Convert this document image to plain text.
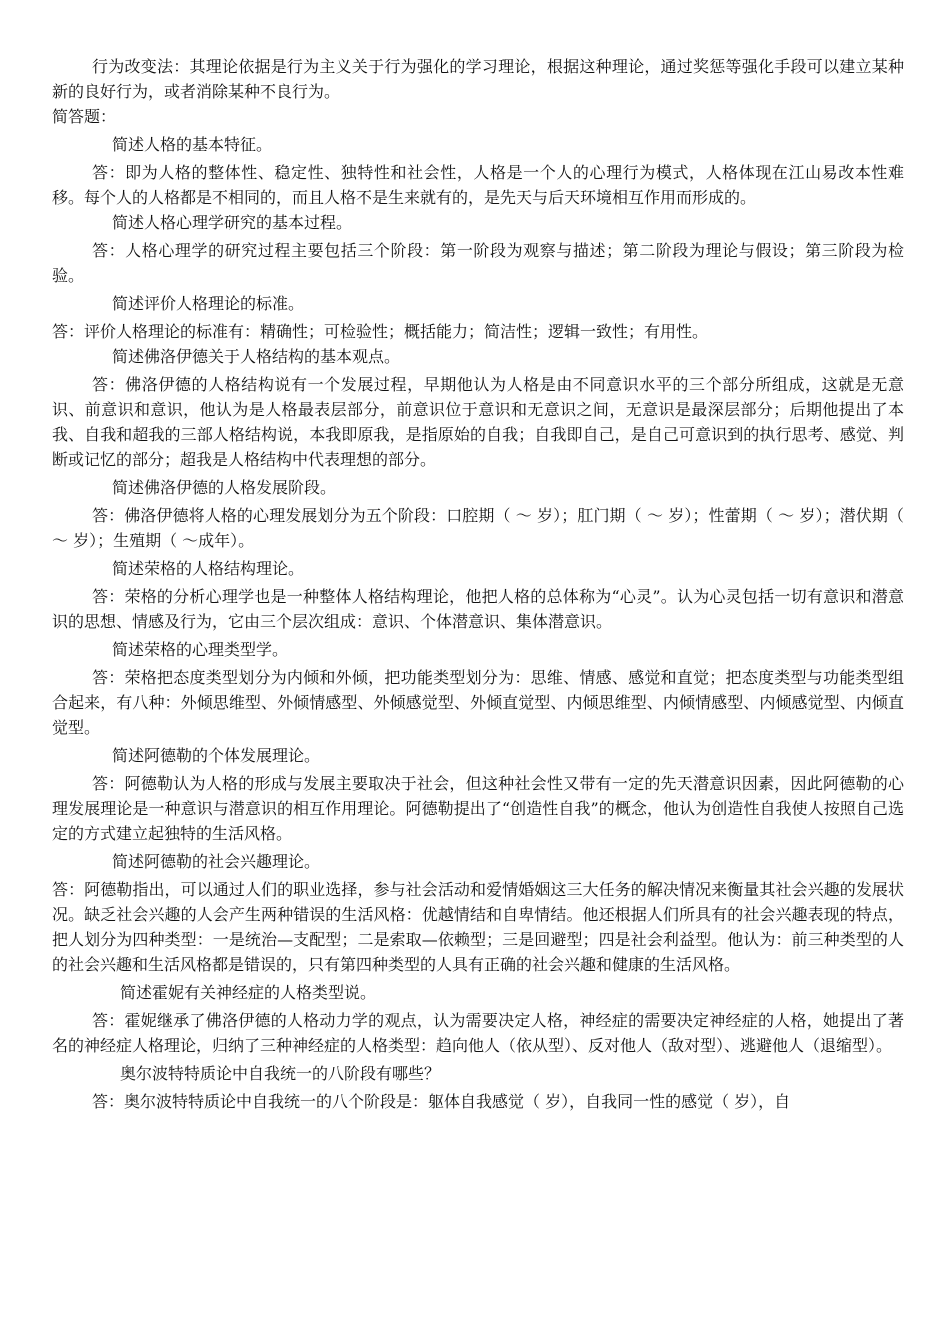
行为改变法：其理论依据是行为主义关于行为强化的学习理论，根据这种理论，通过奖惩等强化手段可以建立某种新的良好行为，或者消除某种不良行为。

简答题：

简述人格的基本特征。

答：即为人格的整体性、稳定性、独特性和社会性，人格是一个人的心理行为模式，人格体现在江山易改本性难移。每个人的人格都是不相同的，而且人格不是生来就有的，是先天与后天环境相互作用而形成的。

简述人格心理学研究的基本过程。

答：人格心理学的研究过程主要包括三个阶段：第一阶段为观察与描述；第二阶段为理论与假设；第三阶段为检验。

简述评价人格理论的标准。

答：评价人格理论的标准有：精确性；可检验性；概括能力；简洁性；逻辑一致性；有用性。

简述佛洛伊德关于人格结构的基本观点。

答：佛洛伊德的人格结构说有一个发展过程，早期他认为人格是由不同意识水平的三个部分所组成，这就是无意识、前意识和意识，他认为是人格最表层部分，前意识位于意识和无意识之间，无意识是最深层部分；后期他提出了本我、自我和超我的三部人格结构说，本我即原我，是指原始的自我；自我即自己，是自己可意识到的执行思考、感觉、判断或记忆的部分；超我是人格结构中代表理想的部分。

简述佛洛伊德的人格发展阶段。

答：佛洛伊德将人格的心理发展划分为五个阶段：口腔期（ ～ 岁）；肛门期（ ～ 岁）；性蕾期（ ～ 岁）；潜伏期（ ～ 岁）；生殖期（ ～成年）。

简述荣格的人格结构理论。

答：荣格的分析心理学也是一种整体人格结构理论，他把人格的总体称为“心灵”。认为心灵包括一切有意识和潜意识的思想、情感及行为，它由三个层次组成：意识、个体潜意识、集体潜意识。

简述荣格的心理类型学。

答：荣格把态度类型划分为内倾和外倾，把功能类型划分为：思维、情感、感觉和直觉；把态度类型与功能类型组合起来，有八种：外倾思维型、外倾情感型、外倾感觉型、外倾直觉型、内倾思维型、内倾情感型、内倾感觉型、内倾直觉型。

简述阿德勒的个体发展理论。

答：阿德勒认为人格的形成与发展主要取决于社会，但这种社会性又带有一定的先天潜意识因素，因此阿德勒的心理发展理论是一种意识与潜意识的相互作用理论。阿德勒提出了“创造性自我”的概念，他认为创造性自我使人按照自己选定的方式建立起独特的生活风格。

简述阿德勒的社会兴趣理论。

答：阿德勒指出，可以通过人们的职业选择，参与社会活动和爱情婚姻这三大任务的解决情况来衡量其社会兴趣的发展状况。缺乏社会兴趣的人会产生两种错误的生活风格：优越情结和自卑情结。他还根据人们所具有的社会兴趣表现的特点，把人划分为四种类型：一是统治—支配型；二是索取—依赖型；三是回避型；四是社会利益型。他认为：前三种类型的人的社会兴趣和生活风格都是错误的，只有第四种类型的人具有正确的社会兴趣和健康的生活风格。

简述霍妮有关神经症的人格类型说。

答：霍妮继承了佛洛伊德的人格动力学的观点，认为需要决定人格，神经症的需要决定神经症的人格，她提出了著名的神经症人格理论，归纳了三种神经症的人格类型：趋向他人（依从型）、反对他人（敌对型）、逃避他人（退缩型）。

奥尔波特特质论中自我统一的八阶段有哪些？

答：奥尔波特特质论中自我统一的八个阶段是：躯体自我感觉（ 岁），自我同一性的感觉（ 岁），自
